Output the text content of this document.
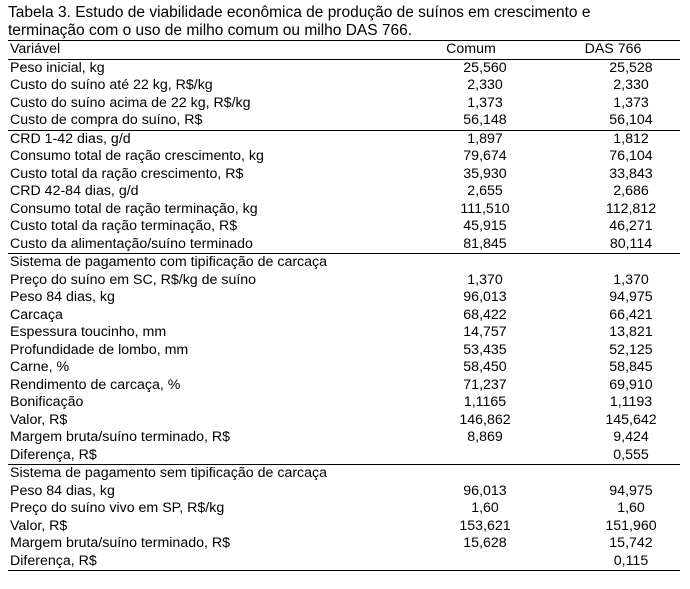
Tabela 3. Estudo de viabilidade econômica de produção de suínos em crescimento e
terminação com o uso de milho comum ou milho DAS 766.
Variável	Comum	DAS 766
Peso inicial, kg	25,560	25,528
Custo do suíno até 22 kg, R$/kg	2,330	2,330
Custo do suíno acima de 22 kg, R$/kg	1,373	1,373
Custo de compra do suíno, R$	56,148	56,104
CRD 1-42 dias, g/d	1,897	1,812
Consumo total de ração crescimento, kg	79,674	76,104
Custo total da ração crescimento, R$	35,930	33,843
CRD 42-84 dias, g/d	2,655	2,686
Consumo total de ração terminação, kg	111,510	112,812
Custo total da ração terminação, R$	45,915	46,271
Custo da alimentação/suíno terminado	81,845	80,114
Sistema de pagamento com tipificação de carcaça		
Preço do suíno em SC, R$/kg de suíno	1,370	1,370
Peso 84 dias, kg	96,013	94,975
Carcaça	68,422	66,421
Espessura toucinho, mm	14,757	13,821
Profundidade de lombo, mm	53,435	52,125
Carne, %	58,450	58,845
Rendimento de carcaça, %	71,237	69,910
Bonificação	1,1165	1,1193
Valor, R$	146,862	145,642
Margem bruta/suíno terminado, R$	8,869	9,424
Diferença, R$		0,555
Sistema de pagamento sem tipificação de carcaça		
Peso 84 dias, kg	96,013	94,975
Preço do suíno vivo em SP, R$/kg	1,60	1,60
Valor, R$	153,621	151,960
Margem bruta/suíno terminado, R$	15,628	15,742
Diferença, R$		0,115
